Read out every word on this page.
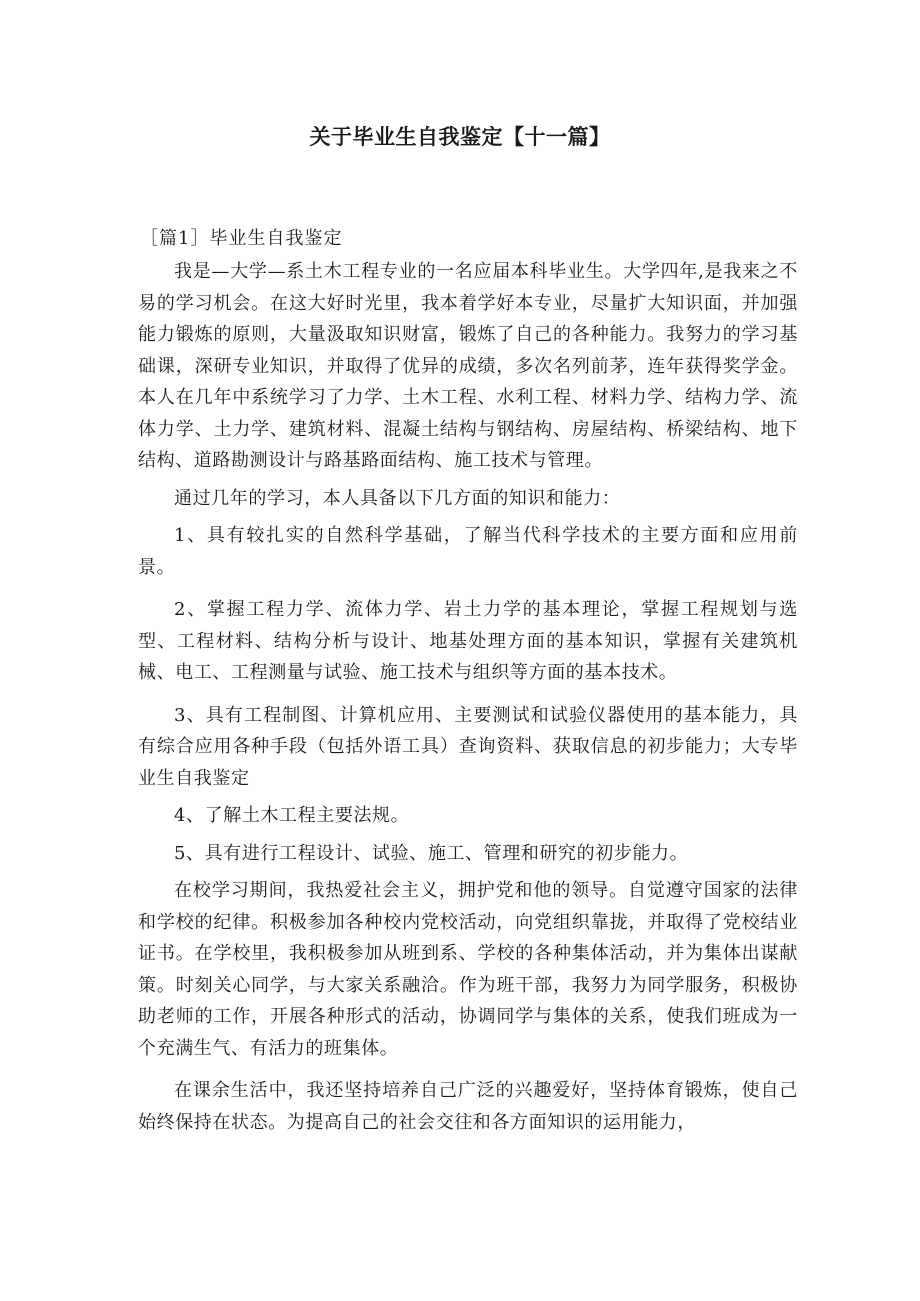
关于毕业生自我鉴定【十一篇】

［篇1］毕业生自我鉴定

我是—大学—系土木工程专业的一名应届本科毕业生。大学四年,是我来之不易的学习机会。在这大好时光里，我本着学好本专业，尽量扩大知识面，并加强能力锻炼的原则，大量汲取知识财富，锻炼了自己的各种能力。我努力的学习基础课，深研专业知识，并取得了优异的成绩，多次名列前茅，连年获得奖学金。本人在几年中系统学习了力学、土木工程、水利工程、材料力学、结构力学、流体力学、土力学、建筑材料、混凝土结构与钢结构、房屋结构、桥梁结构、地下结构、道路勘测设计与路基路面结构、施工技术与管理。

通过几年的学习，本人具备以下几方面的知识和能力：

1、具有较扎实的自然科学基础，了解当代科学技术的主要方面和应用前景。

2、掌握工程力学、流体力学、岩土力学的基本理论，掌握工程规划与选型、工程材料、结构分析与设计、地基处理方面的基本知识，掌握有关建筑机械、电工、工程测量与试验、施工技术与组织等方面的基本技术。

3、具有工程制图、计算机应用、主要测试和试验仪器使用的基本能力，具有综合应用各种手段（包括外语工具）查询资料、获取信息的初步能力；大专毕业生自我鉴定

4、了解土木工程主要法规。

5、具有进行工程设计、试验、施工、管理和研究的初步能力。

在校学习期间，我热爱社会主义，拥护党和他的领导。自觉遵守国家的法律和学校的纪律。积极参加各种校内党校活动，向党组织靠拢，并取得了党校结业证书。在学校里，我积极参加从班到系、学校的各种集体活动，并为集体出谋献策。时刻关心同学，与大家关系融洽。作为班干部，我努力为同学服务，积极协助老师的工作，开展各种形式的活动，协调同学与集体的关系，使我们班成为一个充满生气、有活力的班集体。

在课余生活中，我还坚持培养自己广泛的兴趣爱好，坚持体育锻炼，使自己始终保持在状态。为提高自己的社会交往和各方面知识的运用能力，
